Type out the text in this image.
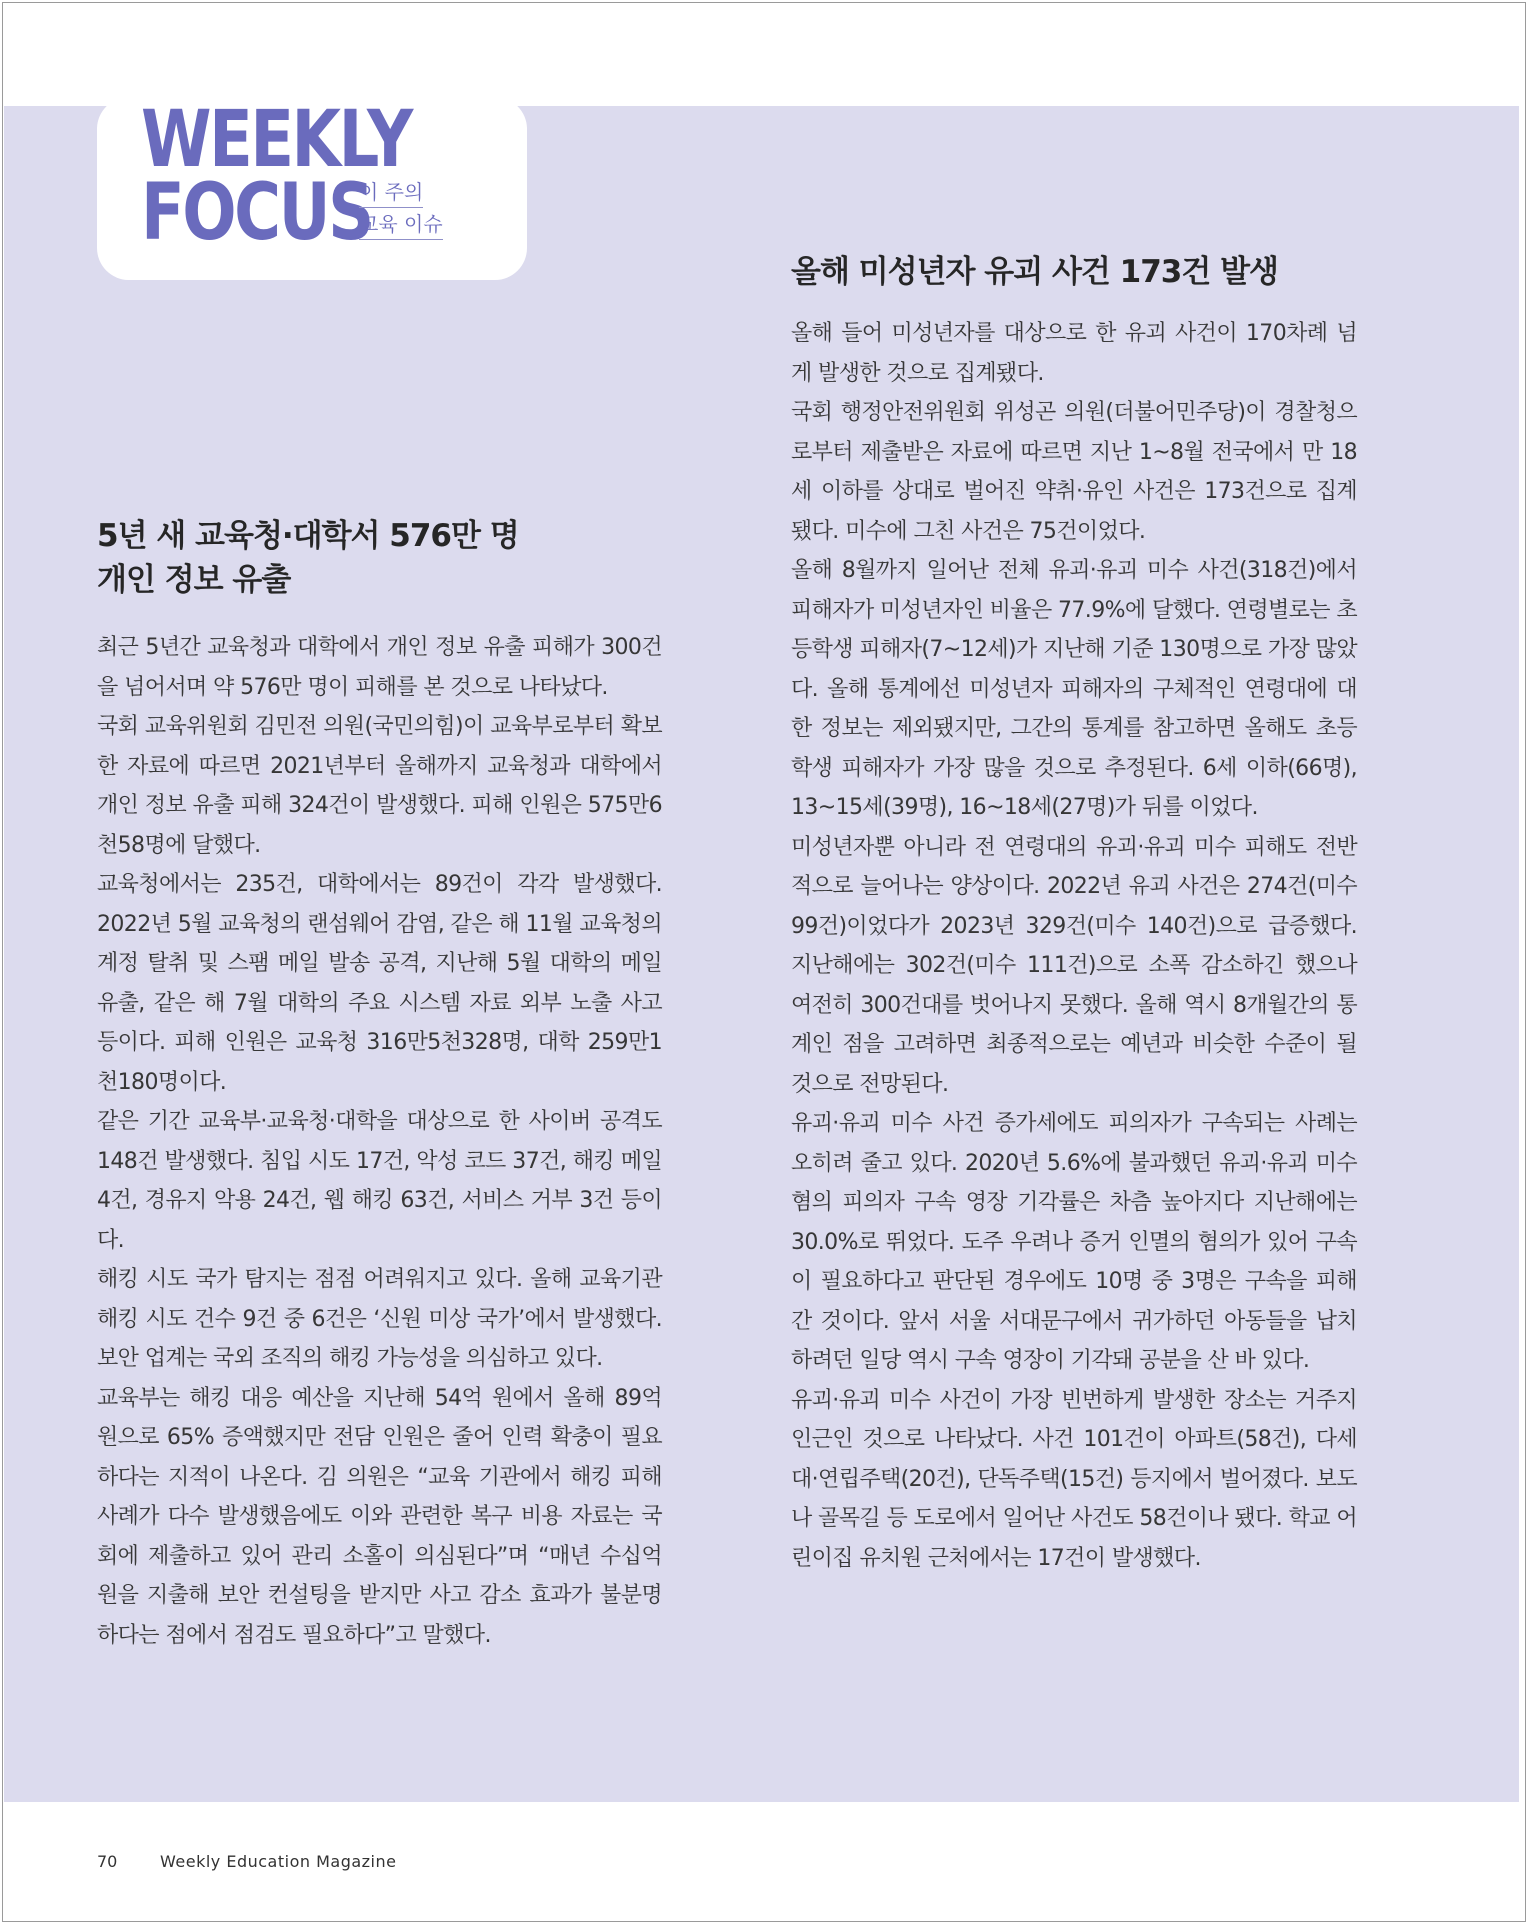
WEEKLY
FOCUS
이 주의
교육 이슈
5년 새 교육청·대학서 576만 명
개인 정보 유출

최근 5년간 교육청과 대학에서 개인 정보 유출 피해가 300건을 넘어서며 약 576만 명이 피해를 본 것으로 나타났다.

국회 교육위원회 김민전 의원(국민의힘)이 교육부로부터 확보한 자료에 따르면 2021년부터 올해까지 교육청과 대학에서 개인 정보 유출 피해 324건이 발생했다. 피해 인원은 575만6천58명에 달했다.

교육청에서는 235건, 대학에서는 89건이 각각 발생했다. 2022년 5월 교육청의 랜섬웨어 감염, 같은 해 11월 교육청의 계정 탈취 및 스팸 메일 발송 공격, 지난해 5월 대학의 메일 유출, 같은 해 7월 대학의 주요 시스템 자료 외부 노출 사고 등이다. 피해 인원은 교육청 316만5천328명, 대학 259만1천180명이다.

같은 기간 교육부·교육청·대학을 대상으로 한 사이버 공격도 148건 발생했다. 침입 시도 17건, 악성 코드 37건, 해킹 메일 4건, 경유지 악용 24건, 웹 해킹 63건, 서비스 거부 3건 등이다.

해킹 시도 국가 탐지는 점점 어려워지고 있다. 올해 교육기관 해킹 시도 건수 9건 중 6건은 ‘신원 미상 국가’에서 발생했다. 보안 업계는 국외 조직의 해킹 가능성을 의심하고 있다.

교육부는 해킹 대응 예산을 지난해 54억 원에서 올해 89억 원으로 65% 증액했지만 전담 인원은 줄어 인력 확충이 필요하다는 지적이 나온다. 김 의원은 “교육 기관에서 해킹 피해 사례가 다수 발생했음에도 이와 관련한 복구 비용 자료는 국회에 제출하고 있어 관리 소홀이 의심된다”며 “매년 수십억 원을 지출해 보안 컨설팅을 받지만 사고 감소 효과가 불분명하다는 점에서 점검도 필요하다”고 말했다.

올해 미성년자 유괴 사건 173건 발생

올해 들어 미성년자를 대상으로 한 유괴 사건이 170차례 넘게 발생한 것으로 집계됐다.

국회 행정안전위원회 위성곤 의원(더불어민주당)이 경찰청으로부터 제출받은 자료에 따르면 지난 1~8월 전국에서 만 18세 이하를 상대로 벌어진 약취·유인 사건은 173건으로 집계됐다. 미수에 그친 사건은 75건이었다.

올해 8월까지 일어난 전체 유괴·유괴 미수 사건(318건)에서 피해자가 미성년자인 비율은 77.9%에 달했다. 연령별로는 초등학생 피해자(7~12세)가 지난해 기준 130명으로 가장 많았다. 올해 통계에선 미성년자 피해자의 구체적인 연령대에 대한 정보는 제외됐지만, 그간의 통계를 참고하면 올해도 초등학생 피해자가 가장 많을 것으로 추정된다. 6세 이하(66명), 13~15세(39명), 16~18세(27명)가 뒤를 이었다.

미성년자뿐 아니라 전 연령대의 유괴·유괴 미수 피해도 전반적으로 늘어나는 양상이다. 2022년 유괴 사건은 274건(미수 99건)이었다가 2023년 329건(미수 140건)으로 급증했다. 지난해에는 302건(미수 111건)으로 소폭 감소하긴 했으나 여전히 300건대를 벗어나지 못했다. 올해 역시 8개월간의 통계인 점을 고려하면 최종적으로는 예년과 비슷한 수준이 될 것으로 전망된다.

유괴·유괴 미수 사건 증가세에도 피의자가 구속되는 사례는 오히려 줄고 있다. 2020년 5.6%에 불과했던 유괴·유괴 미수 혐의 피의자 구속 영장 기각률은 차츰 높아지다 지난해에는 30.0%로 뛰었다. 도주 우려나 증거 인멸의 혐의가 있어 구속이 필요하다고 판단된 경우에도 10명 중 3명은 구속을 피해간 것이다. 앞서 서울 서대문구에서 귀가하던 아동들을 납치하려던 일당 역시 구속 영장이 기각돼 공분을 산 바 있다.

유괴·유괴 미수 사건이 가장 빈번하게 발생한 장소는 거주지 인근인 것으로 나타났다. 사건 101건이 아파트(58건), 다세대·연립주택(20건), 단독주택(15건) 등지에서 벌어졌다. 보도나 골목길 등 도로에서 일어난 사건도 58건이나 됐다. 학교 어린이집 유치원 근처에서는 17건이 발생했다.

70	Weekly Education Magazine
